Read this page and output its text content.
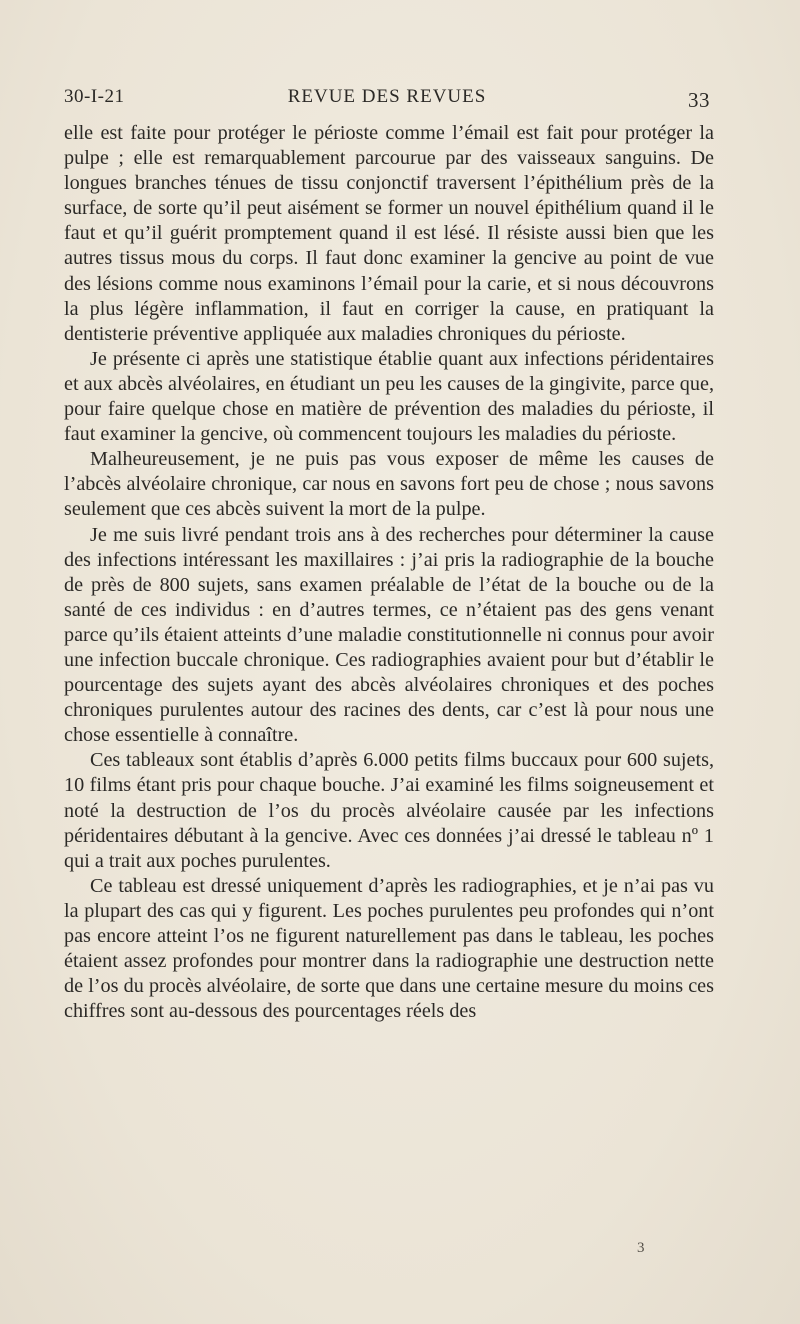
30-I-21	REVUE DES REVUES	33

elle est faite pour protéger le périoste comme l’émail est fait pour protéger la pulpe ; elle est remarquablement parcourue par des vaisseaux sanguins. De longues branches ténues de tissu conjonctif traversent l’épithélium près de la surface, de sorte qu’il peut aisément se former un nouvel épithélium quand il le faut et qu’il guérit promptement quand il est lésé. Il résiste aussi bien que les autres tissus mous du corps. Il faut donc examiner la gencive au point de vue des lésions comme nous examinons l’émail pour la carie, et si nous découvrons la plus légère inflammation, il faut en corriger la cause, en pratiquant la dentisterie préventive appliquée aux maladies chroniques du périoste.

Je présente ci après une statistique établie quant aux infections péridentaires et aux abcès alvéolaires, en étudiant un peu les causes de la gingivite, parce que, pour faire quelque chose en matière de prévention des maladies du périoste, il faut examiner la gencive, où commencent toujours les maladies du périoste.

Malheureusement, je ne puis pas vous exposer de même les causes de l’abcès alvéolaire chronique, car nous en savons fort peu de chose ; nous savons seulement que ces abcès suivent la mort de la pulpe.

Je me suis livré pendant trois ans à des recherches pour déterminer la cause des infections intéressant les maxillaires : j’ai pris la radiographie de la bouche de près de 800 sujets, sans examen préalable de l’état de la bouche ou de la santé de ces individus : en d’autres termes, ce n’étaient pas des gens venant parce qu’ils étaient atteints d’une maladie constitutionnelle ni connus pour avoir une infection buccale chronique. Ces radiographies avaient pour but d’établir le pourcentage des sujets ayant des abcès alvéolaires chroniques et des poches chroniques purulentes autour des racines des dents, car c’est là pour nous une chose essentielle à connaître.

Ces tableaux sont établis d’après 6.000 petits films buccaux pour 600 sujets, 10 films étant pris pour chaque bouche. J’ai examiné les films soigneusement et noté la destruction de l’os du procès alvéolaire causée par les infections péridentaires débutant à la gencive. Avec ces données j’ai dressé le tableau nº 1 qui a trait aux poches purulentes.

Ce tableau est dressé uniquement d’après les radiographies, et je n’ai pas vu la plupart des cas qui y figurent. Les poches purulentes peu profondes qui n’ont pas encore atteint l’os ne figurent naturellement pas dans le tableau, les poches étaient assez profondes pour montrer dans la radiographie une destruction nette de l’os du procès alvéolaire, de sorte que dans une certaine mesure du moins ces chiffres sont au-dessous des pourcentages réels des

3
